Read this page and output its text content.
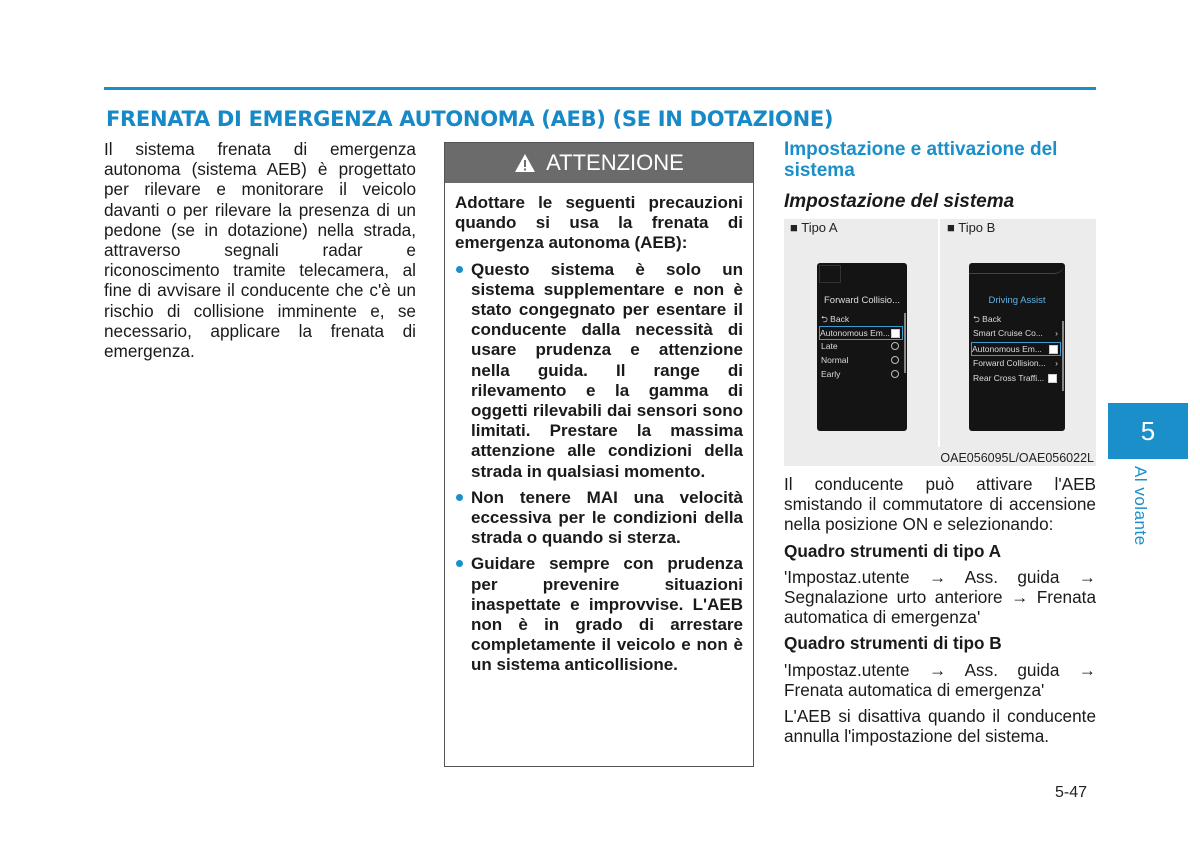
FRENATA DI EMERGENZA AUTONOMA (AEB) (SE IN DOTAZIONE)

Il sistema frenata di emergenza autonoma (sistema AEB) è progettato per rilevare e monitorare il veicolo davanti o per rilevare la presenza di un pedone (se in dotazione) nella strada, attraverso segnali radar e riconoscimento tramite telecamera, al fine di avvisare il conducente che c'è un rischio di collisione imminente e, se necessario, applicare la frenata di emergenza.

ATTENZIONE

Adottare le seguenti precauzioni quando si usa la frenata di emergenza autonoma (AEB):

Questo sistema è solo un sistema supplementare e non è stato congegnato per esentare il conducente dalla necessità di usare prudenza e attenzione nella guida. Il range di rilevamento e la gamma di oggetti rilevabili dai sensori sono limitati. Prestare la massima attenzione alle condizioni della strada in qualsiasi momento.
Non tenere MAI una velocità eccessiva per le condizioni della strada o quando si sterza.
Guidare sempre con prudenza per prevenire situazioni inaspettate e improvvise. L'AEB non è in grado di arrestare completamente il veicolo e non è un sistema anticollisione.
Impostazione e attivazione del sistema
Impostazione del sistema
■ Tipo A	■ Tipo B
Forward Collisio...
⮌ Back
Autonomous Em...
Late
Normal
Early
Driving Assist
⮌ Back
Smart Cruise Co... ›
Autonomous Em...
Forward Collision... ›
Rear Cross Traffi...
OAE056095L/OAE056022L

Il conducente può attivare l'AEB smistando il commutatore di accensione nella posizione ON e selezionando:

Quadro strumenti di tipo A

'Impostaz.utente → Ass. guida → Segnalazione urto anteriore → Frenata automatica di emergenza'

Quadro strumenti di tipo B

'Impostaz.utente → Ass. guida → Frenata automatica di emergenza'

L'AEB si disattiva quando il conducente annulla l'impostazione del sistema.

5-47
5
Al volante
